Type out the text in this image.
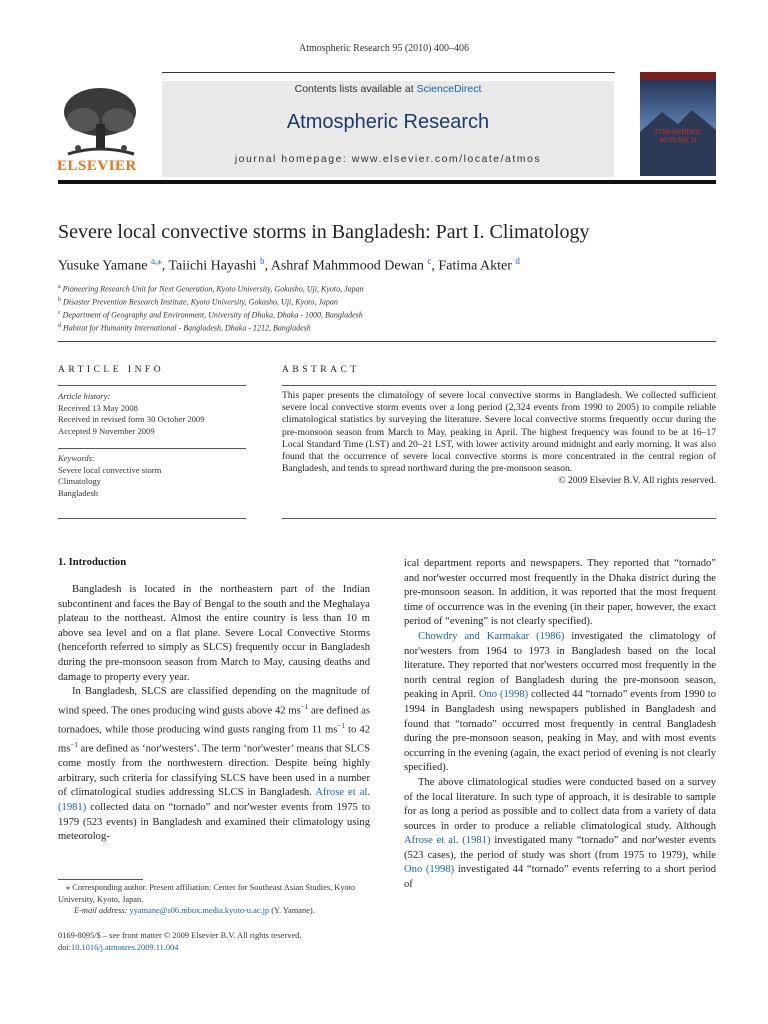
Atmospheric Research 95 (2010) 400–406
ELSEVIER
Contents lists available at ScienceDirect
Atmospheric Research
journal homepage: www.elsevier.com/locate/atmos
ATMOSPHERIC
RESEARCH
Severe local convective storms in Bangladesh: Part I. Climatology
Yusuke Yamane $^{a,⁎}$, Taiichi Hayashi $^b$, Ashraf Mahmmood Dewan $^c$, Fatima Akter $^d$
$^a$ Pioneering Research Unit for Next Generation, Kyoto University, Gokasho, Uji, Kyoto, Japan
$^b$ Disaster Prevention Research Institute, Kyoto University, Gokasho, Uji, Kyoto, Japan
$^c$ Department of Geography and Environment, University of Dhaka, Dhaka - 1000, Bangladesh
$^d$ Habitat for Humanity International - Bangladesh, Dhaka - 1212, Bangladesh
ARTICLE INFO
Article history:
Received 13 May 2008
Received in revised form 30 October 2009
Accepted 9 November 2009
Keywords:
Severe local convective storm
Climatology
Bangladesh
ABSTRACT
This paper presents the climatology of severe local convective storms in Bangladesh. We collected sufficient severe local convective storm events over a long period (2,324 events from 1990 to 2005) to compile reliable climatological statistics by surveying the literature. Severe local convective storms frequently occur during the pre-monsoon season from March to May, peaking in April. The highest frequency was found to be at 16–17 Local Standard Time (LST) and 20–21 LST, with lower activity around midnight and early morning. It was also found that the occurrence of severe local convective storms is more concentrated in the central region of Bangladesh, and tends to spread northward during the pre-monsoon season.
© 2009 Elsevier B.V. All rights reserved.
1. Introduction

Bangladesh is located in the northeastern part of the Indian subcontinent and faces the Bay of Bengal to the south and the Meghalaya plateau to the northeast. Almost the entire country is less than 10 m above sea level and on a flat plane. Severe Local Convective Storms (henceforth referred to simply as SLCS) frequently occur in Bangladesh during the pre-monsoon season from March to May, causing deaths and damage to property every year.

In Bangladesh, SLCS are classified depending on the magnitude of wind speed. The ones producing wind gusts above 42 $ms^{-1}$ are defined as tornadoes, while those producing wind gusts ranging from 11 $ms^{-1}$ to 42 $ms^{-1}$ are defined as ‘nor'westers’. The term ‘nor'wester’ means that SLCS come mostly from the northwestern direction. Despite being highly arbitrary, such criteria for classifying SLCS have been used in a number of climatological studies addressing SLCS in Bangladesh. Afrose et al. (1981) collected data on “tornado” and nor'wester events from 1975 to 1979 (523 events) in Bangladesh and examined their climatology using meteorolog-

ical department reports and newspapers. They reported that “tornado” and nor'wester occurred most frequently in the Dhaka district during the pre-monsoon season. In addition, it was reported that the most frequent time of occurrence was in the evening (in their paper, however, the exact period of “evening” is not clearly specified).

Chowdry and Karmakar (1986) investigated the climatology of nor'westers from 1964 to 1973 in Bangladesh based on the local literature. They reported that nor'westers occurred most frequently in the north central region of Bangladesh during the pre-monsoon season, peaking in April. Ono (1998) collected 44 “tornado” events from 1990 to 1994 in Bangladesh using newspapers published in Bangladesh and found that “tornado” occurred most frequently in central Bangladesh during the pre-monsoon season, peaking in May, and with most events occurring in the evening (again, the exact period of evening is not clearly specified).

The above climatological studies were conducted based on a survey of the local literature. In such type of approach, it is desirable to sample for as long a period as possible and to collect data from a variety of data sources in order to produce a reliable climatological study. Although Afrose et al. (1981) investigated many “tornado” and nor'wester events (523 cases), the period of study was short (from 1975 to 1979), while Ono (1998) investigated 44 “tornado” events referring to a short period of

⁎ Corresponding author. Present affiliation: Center for Southeast Asian Studies, Kyoto University, Kyoto, Japan.
E-mail address: yyamane@s06.mbox.media.kyoto-u.ac.jp (Y. Yamane).
0169-8095/$ – see front matter © 2009 Elsevier B.V. All rights reserved.
doi:10.1016/j.atmosres.2009.11.004
